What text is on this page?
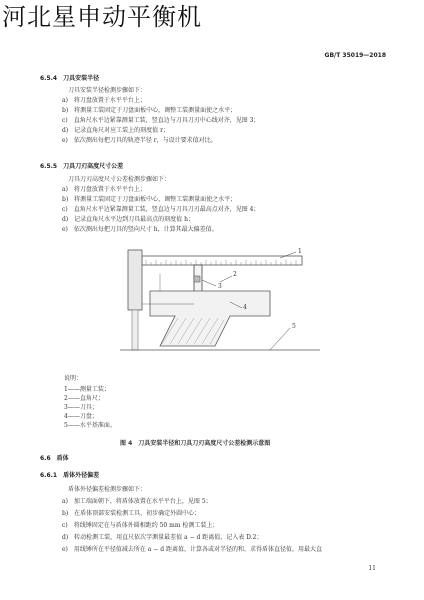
河北星申动平衡机
GB/T 35019—2018
6.5.4　刀具安装半径
刀具安装半径检测步骤如下：
a)　将刀盘放置于水平平台上；
b)　将测量工装固定于刀盘面板中心，调整工装测量面使之水平；
c)　直角尺水平边紧靠测量工装，竖直边与刀具刀刃中心线对齐，见图 3；
d)　记录直角尺对应工装上的刻度值 r；
e)　依次测出每把刀具的轨迹半径 r，与设计要求值对比。
6.5.5　刀具刀刃高度尺寸公差
刀具刀刃高度尺寸公差检测步骤如下：
a)　将刀盘放置于水平平台上；
b)　将测量工装固定于刀盘面板中心，调整工装测量面使之水平；
c)　直角尺水平边紧靠测量工装，竖直边与刀具刀刃最高点对齐，见图 4；
d)　记录直角尺水平边到刀具最高点的刻度值 h；
e)　依次测出每把刀具的竖向尺寸 h，计算其最大偏差值。
1
2
3
4
5
说明：
1——测量工装；
2——直角尺；
3——刀具；
4——刀盘；
5——水平基准面。
图 4　刀具安装半径和刀具刀刃高度尺寸公差检测示意图
6.6　盾体
6.6.1　盾体外径偏差
盾体外径偏差检测步骤如下：
a)　加工端面朝下，将盾体放置在水平平台上，见图 5；
b)　在盾体顶部安装检测工具，初步确定外圆中心；
c)　将线锤固定在与盾体外圆相距约 50 mm 检测工装上；
d)　转动检测工装，用直尺依次字测量最差值 a − d 距离值，记入表 D.2；
e)　用线锤所在平径值减去所在 a − d 距离值，计算各或对半径的和，求得盾体直径值，用最大直
11
